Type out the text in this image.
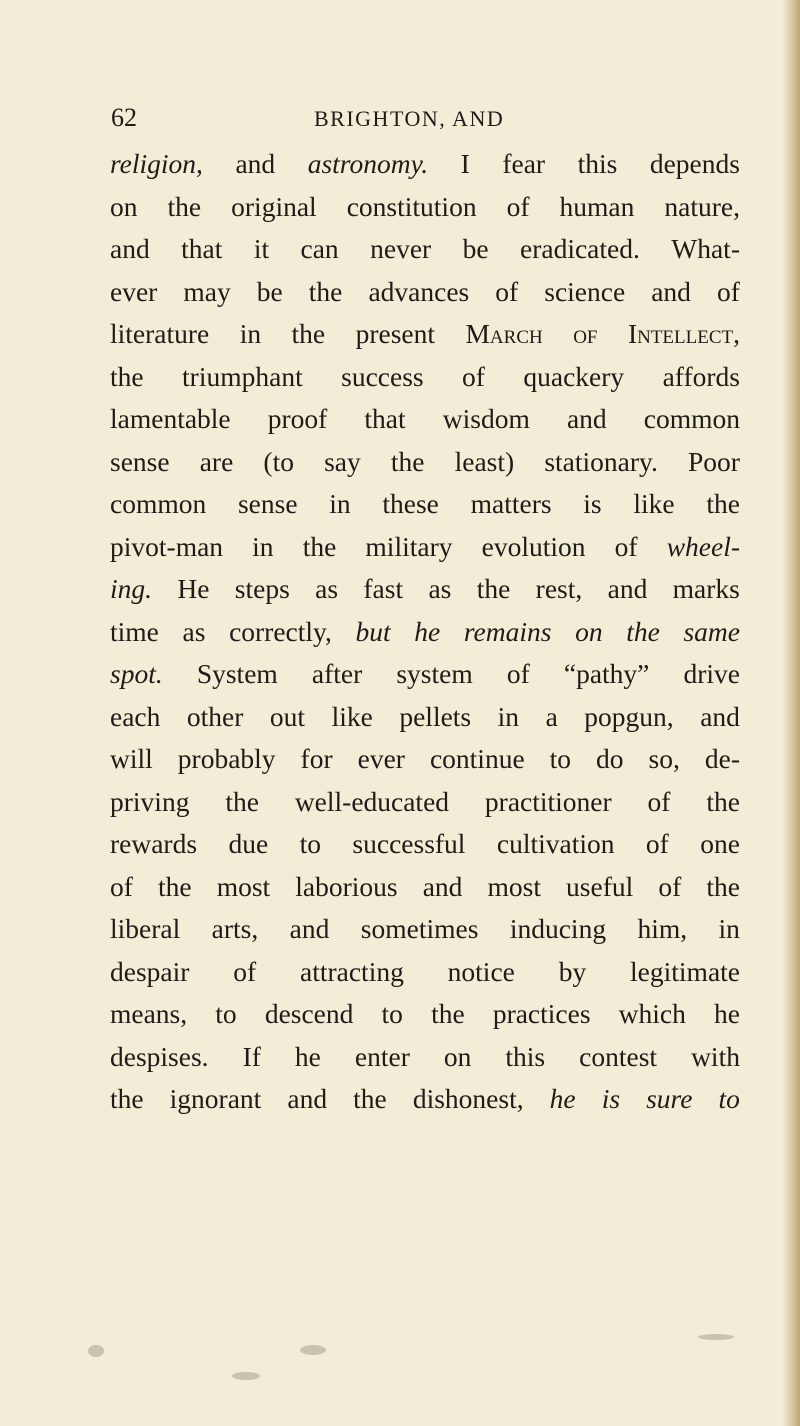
62	BRIGHTON, AND
religion, and astronomy. I fear this depends
on the original constitution of human nature,
and that it can never be eradicated. What-
ever may be the advances of science and of
literature in the present March of Intellect,
the triumphant success of quackery affords
lamentable proof that wisdom and common
sense are (to say the least) stationary. Poor
common sense in these matters is like the
pivot-man in the military evolution of wheel-
ing. He steps as fast as the rest, and marks
time as correctly, but he remains on the same
spot. System after system of “pathy” drive
each other out like pellets in a popgun, and
will probably for ever continue to do so, de-
priving the well-educated practitioner of the
rewards due to successful cultivation of one
of the most laborious and most useful of the
liberal arts, and sometimes inducing him, in
despair of attracting notice by legitimate
means, to descend to the practices which he
despises. If he enter on this contest with
the ignorant and the dishonest, he is sure to
